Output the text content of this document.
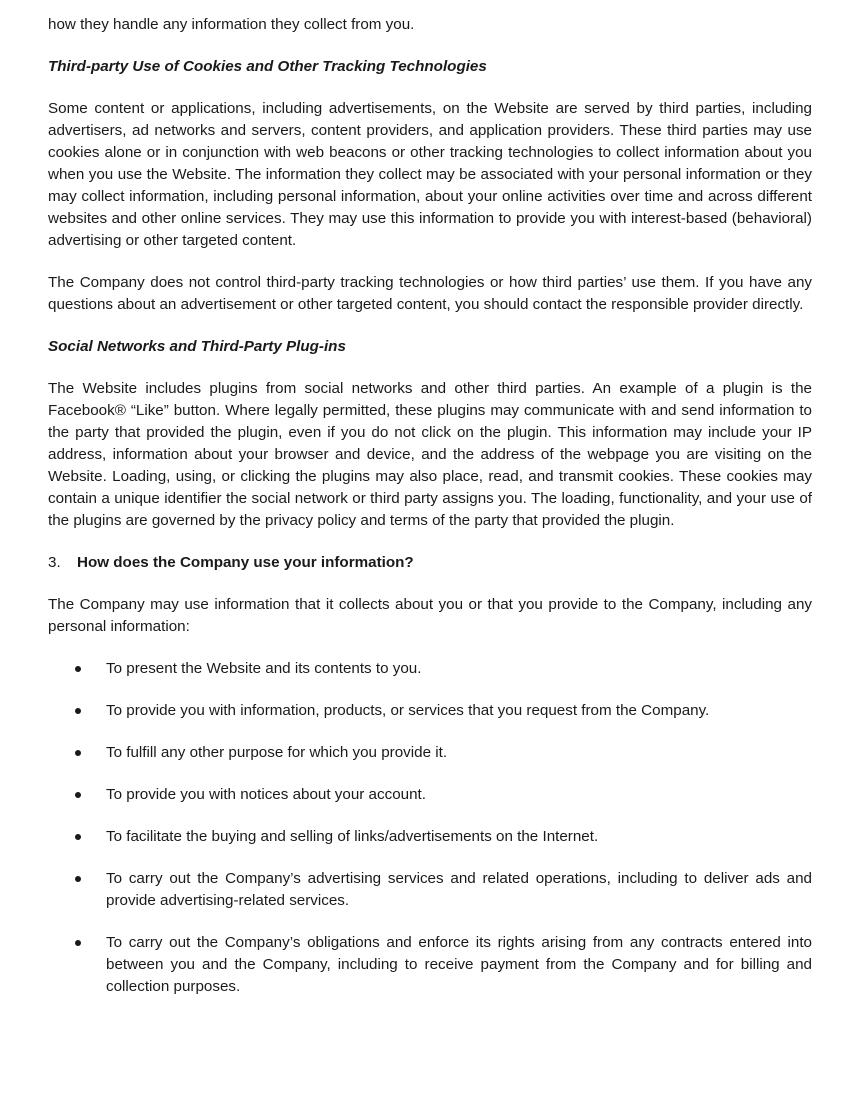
how they handle any information they collect from you.

Third-party Use of Cookies and Other Tracking Technologies

Some content or applications, including advertisements, on the Website are served by third parties, including advertisers, ad networks and servers, content providers, and application providers. These third parties may use cookies alone or in conjunction with web beacons or other tracking technologies to collect information about you when you use the Website. The information they collect may be associated with your personal information or they may collect information, including personal information, about your online activities over time and across different websites and other online services. They may use this information to provide you with interest-based (behavioral) advertising or other targeted content.

The Company does not control third-party tracking technologies or how third parties’ use them. If you have any questions about an advertisement or other targeted content, you should contact the responsible provider directly.

Social Networks and Third-Party Plug-ins

The Website includes plugins from social networks and other third parties. An example of a plugin is the Facebook® “Like” button. Where legally permitted, these plugins may communicate with and send information to the party that provided the plugin, even if you do not click on the plugin. This information may include your IP address, information about your browser and device, and the address of the webpage you are visiting on the Website. Loading, using, or clicking the plugins may also place, read, and transmit cookies. These cookies may contain a unique identifier the social network or third party assigns you. The loading, functionality, and your use of the plugins are governed by the privacy policy and terms of the party that provided the plugin.

3.	How does the Company use your information?

The Company may use information that it collects about you or that you provide to the Company, including any personal information:

To present the Website and its contents to you.
To provide you with information, products, or services that you request from the Company.
To fulfill any other purpose for which you provide it.
To provide you with notices about your account.
To facilitate the buying and selling of links/advertisements on the Internet.
To carry out the Company’s advertising services and related operations, including to deliver ads and provide advertising-related services.
To carry out the Company’s obligations and enforce its rights arising from any contracts entered into between you and the Company, including to receive payment from the Company and for billing and collection purposes.
